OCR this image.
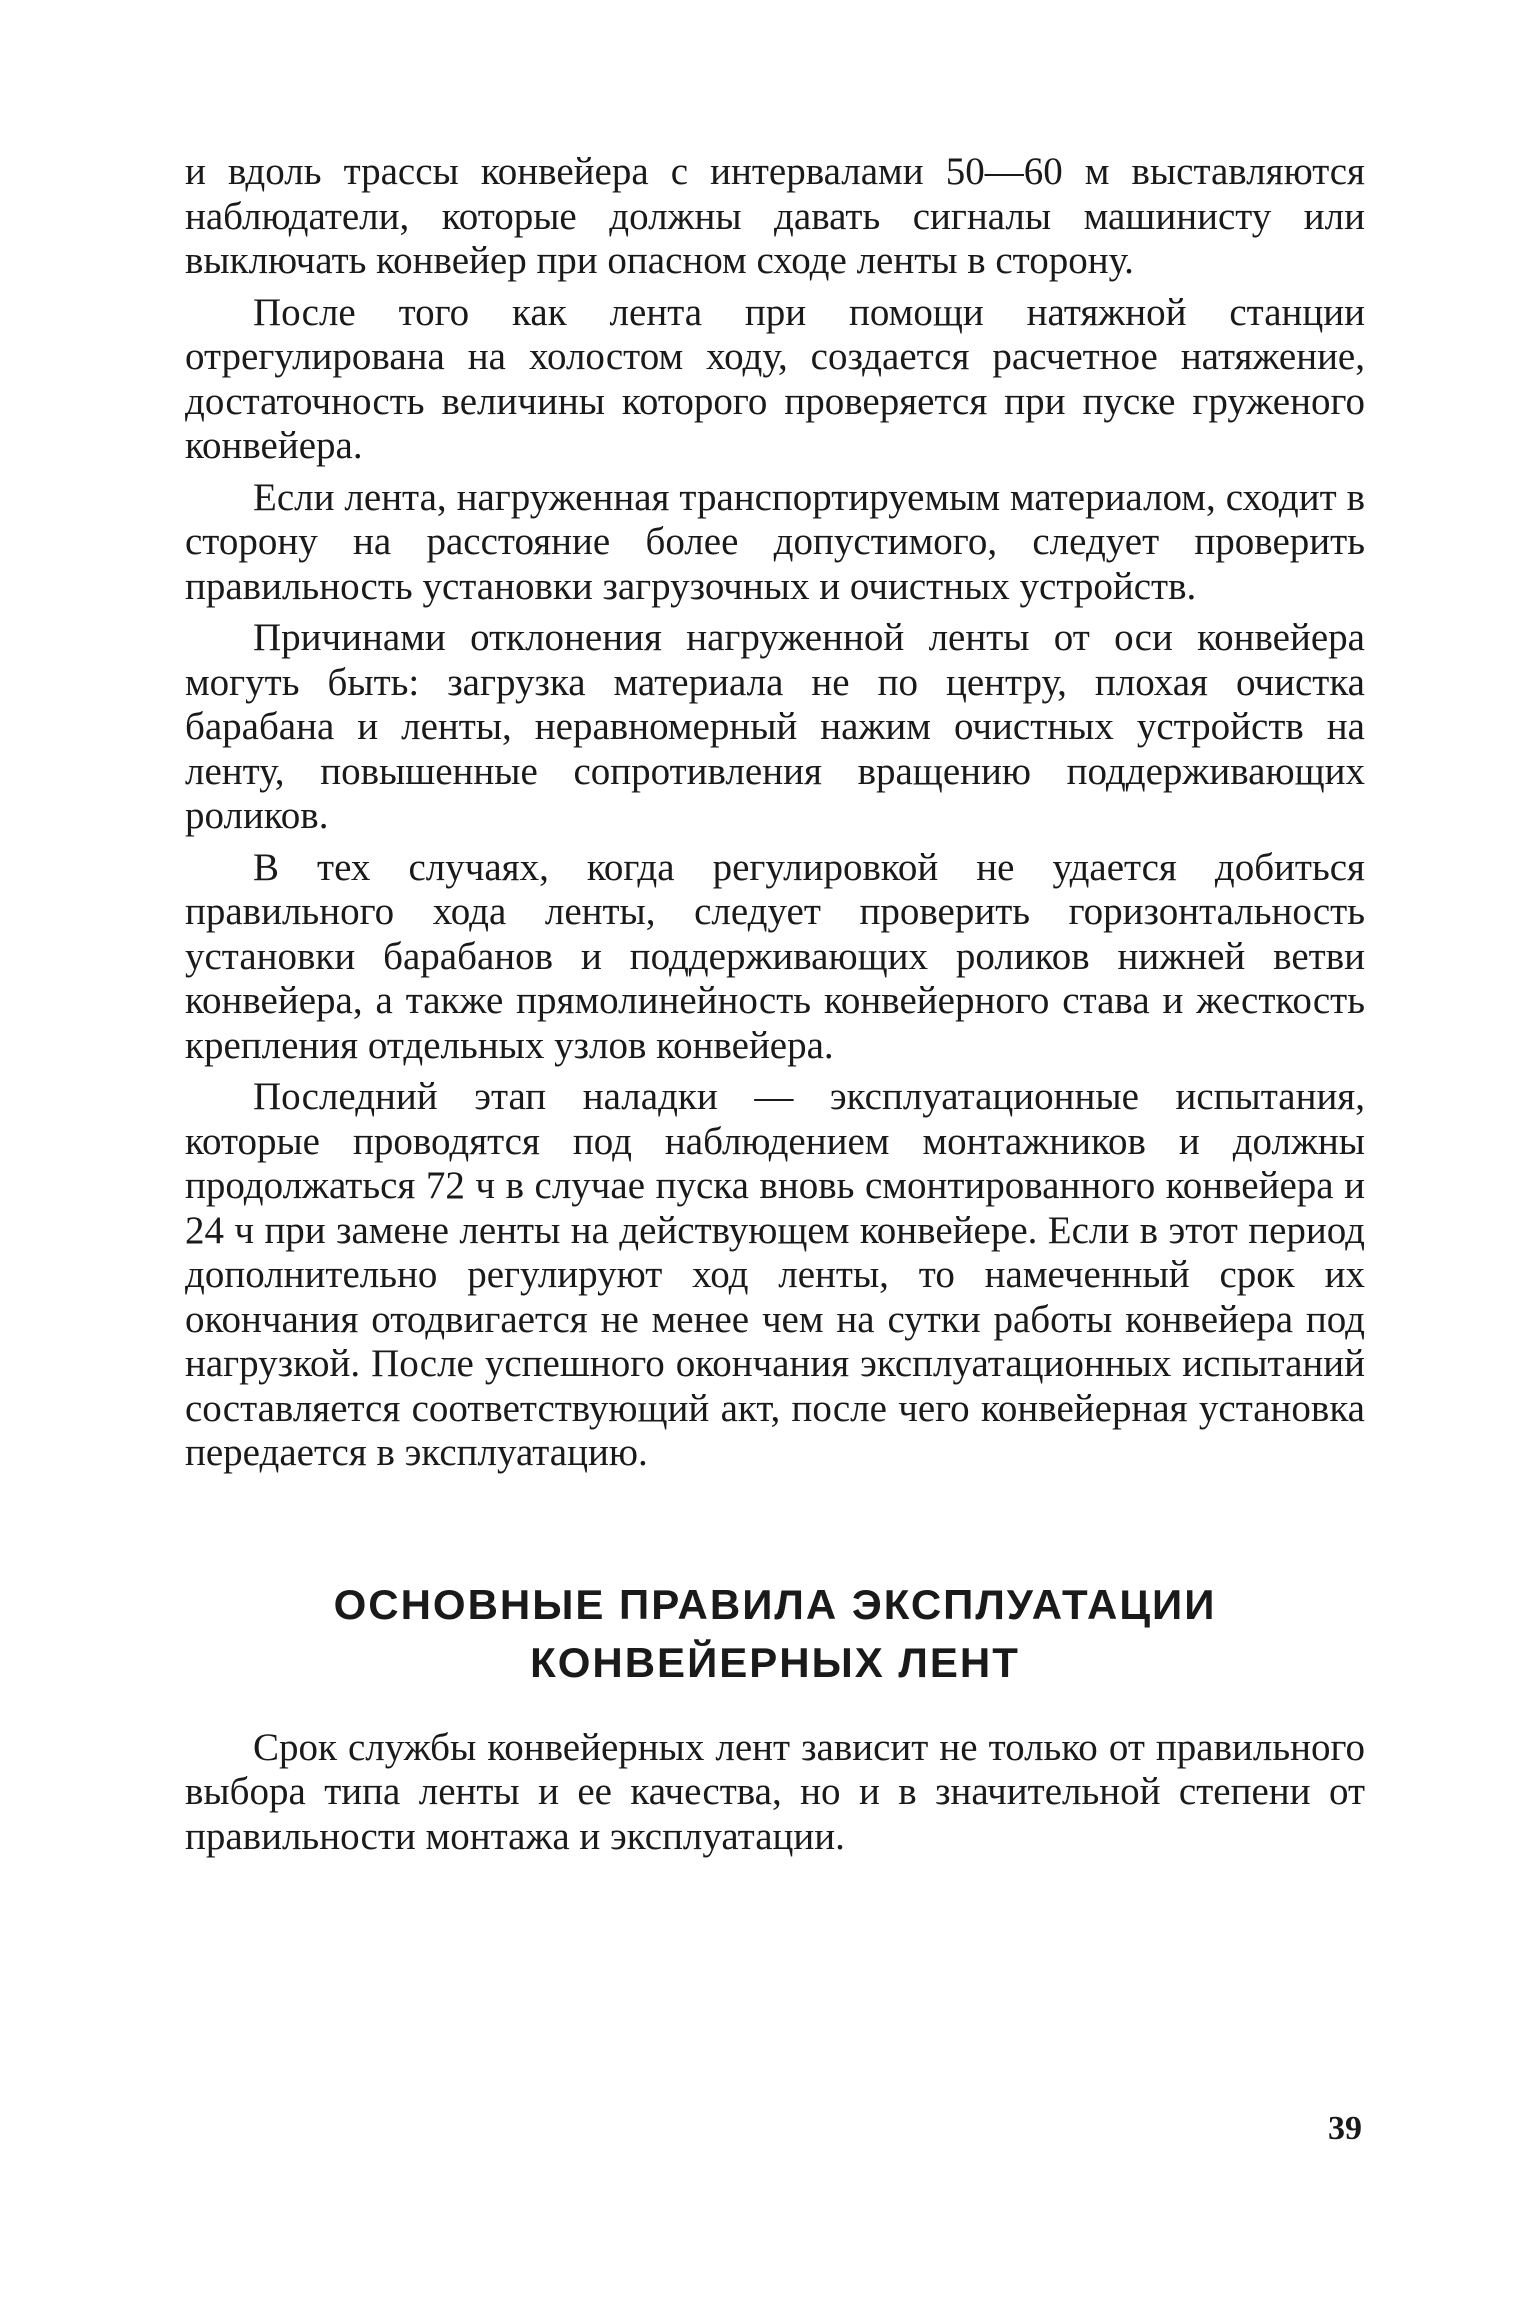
и вдоль трассы конвейера с интервалами 50—60 м выставляются наблюдатели, которые должны давать сигналы машинисту или выключать конвейер при опасном сходе ленты в сторону.

После того как лента при помощи натяжной станции отрегулирована на холостом ходу, создается расчетное натяжение, достаточность величины которого проверяется при пуске груженого конвейера.

Если лента, нагруженная транспортируемым материалом, сходит в сторону на расстояние более допустимого, следует проверить правильность установки загрузочных и очистных устройств.

Причинами отклонения нагруженной ленты от оси конвейера могуть быть: загрузка материала не по центру, плохая очистка барабана и ленты, неравномерный нажим очистных устройств на ленту, повышенные сопротивления вращению поддерживающих роликов.

В тех случаях, когда регулировкой не удается добиться правильного хода ленты, следует проверить горизонтальность установки барабанов и поддерживающих роликов нижней ветви конвейера, а также прямолинейность конвейерного става и жесткость крепления отдельных узлов конвейера.

Последний этап наладки — эксплуатационные испытания, которые проводятся под наблюдением монтажников и должны продолжаться 72 ч в случае пуска вновь смонтированного конвейера и 24 ч при замене ленты на действующем конвейере. Если в этот период дополнительно регулируют ход ленты, то намеченный срок их окончания отодвигается не менее чем на сутки работы конвейера под нагрузкой. После успешного окончания эксплуатационных испытаний составляется соответствующий акт, после чего конвейерная установка передается в эксплуатацию.

ОСНОВНЫЕ ПРАВИЛА ЭКСПЛУАТАЦИИ
КОНВЕЙЕРНЫХ ЛЕНТ

Срок службы конвейерных лент зависит не только от правильного выбора типа ленты и ее качества, но и в значительной степени от правильности монтажа и эксплуатации.

39
